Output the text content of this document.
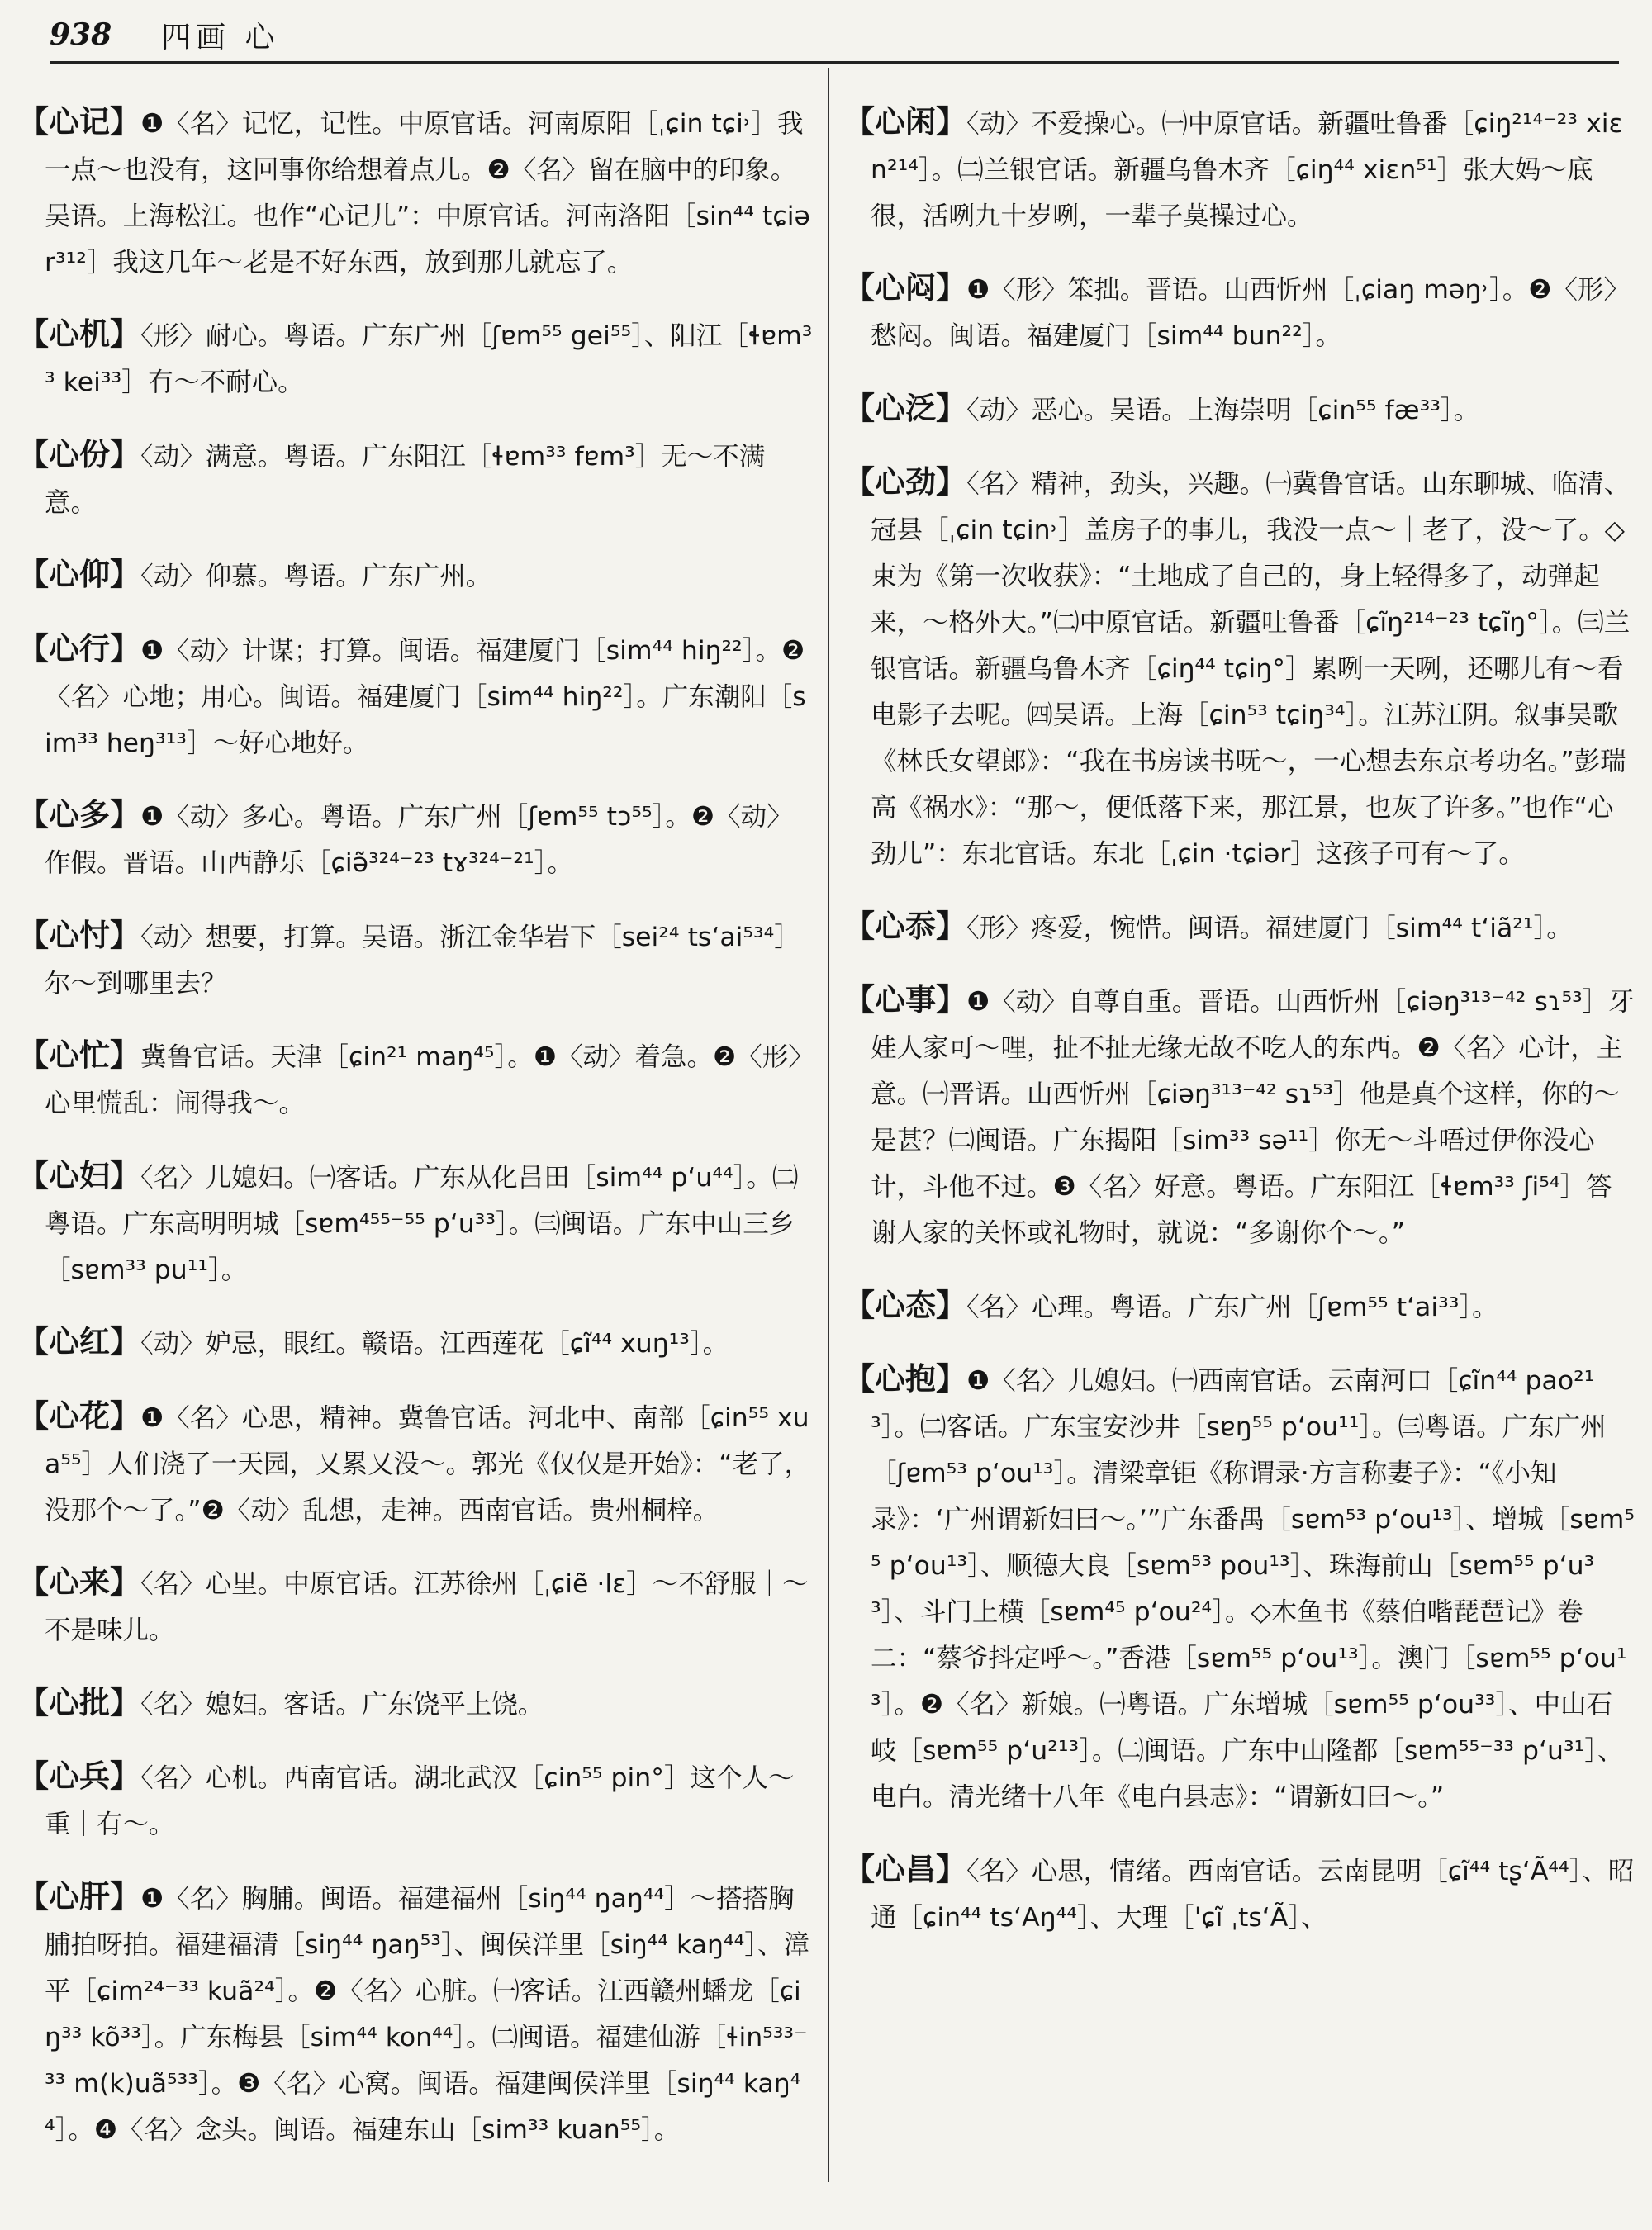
938 四画 心

【心记】❶〈名〉记忆，记性。中原官话。河南原阳［ˌɕin tɕi˒］我一点～也没有，这回事你给想着点儿。❷〈名〉留在脑中的印象。吴语。上海松江。也作“心记儿”：中原官话。河南洛阳［sin⁴⁴ tɕiər³¹²］我这几年～老是不好东西，放到那儿就忘了。

【心机】〈形〉耐心。粤语。广东广州［ʃɐm⁵⁵ gei⁵⁵］、阳江［ɬɐm³³ kei³³］冇～不耐心。

【心份】〈动〉满意。粤语。广东阳江［ɬɐm³³ fɐm³］无～不满意。

【心仰】〈动〉仰慕。粤语。广东广州。

【心行】❶〈动〉计谋；打算。闽语。福建厦门［sim⁴⁴ hiŋ²²］。❷〈名〉心地；用心。闽语。福建厦门［sim⁴⁴ hiŋ²²］。广东潮阳［sim³³ heŋ³¹³］～好心地好。

【心多】❶〈动〉多心。粤语。广东广州［ʃɐm⁵⁵ tɔ⁵⁵］。❷〈动〉作假。晋语。山西静乐［ɕiə̃³²⁴⁻²³ tɤ³²⁴⁻²¹］。

【心忖】〈动〉想要，打算。吴语。浙江金华岩下［sei²⁴ tsʻai⁵³⁴］尔～到哪里去？

【心忙】冀鲁官话。天津［ɕin²¹ maŋ⁴⁵］。❶〈动〉着急。❷〈形〉心里慌乱：闹得我～。

【心妇】〈名〉儿媳妇。㈠客话。广东从化吕田［sim⁴⁴ pʻu⁴⁴］。㈡粤语。广东高明明城［sɐm⁴⁵⁵⁻⁵⁵ pʻu³³］。㈢闽语。广东中山三乡［sɐm³³ pu¹¹］。

【心红】〈动〉妒忌，眼红。赣语。江西莲花［ɕĩ⁴⁴ xuŋ¹³］。

【心花】❶〈名〉心思，精神。冀鲁官话。河北中、南部［ɕin⁵⁵ xua⁵⁵］人们浇了一天园，又累又没～。郭光《仅仅是开始》：“老了，没那个～了。”❷〈动〉乱想，走神。西南官话。贵州桐梓。

【心来】〈名〉心里。中原官话。江苏徐州［ˌɕiẽ ·lɛ］～不舒服｜～不是味儿。

【心批】〈名〉媳妇。客话。广东饶平上饶。

【心兵】〈名〉心机。西南官话。湖北武汉［ɕin⁵⁵ pin°］这个人～重｜有～。

【心肝】❶〈名〉胸脯。闽语。福建福州［siŋ⁴⁴ ŋaŋ⁴⁴］～搭搭胸脯拍呀拍。福建福清［siŋ⁴⁴ ŋaŋ⁵³］、闽侯洋里［siŋ⁴⁴ kaŋ⁴⁴］、漳平［ɕim²⁴⁻³³ kuã²⁴］。❷〈名〉心脏。㈠客话。江西赣州蟠龙［ɕiŋ³³ kõ³³］。广东梅县［sim⁴⁴ kon⁴⁴］。㈡闽语。福建仙游［ɬin⁵³³⁻³³ m(k)uã⁵³³］。❸〈名〉心窝。闽语。福建闽侯洋里［siŋ⁴⁴ kaŋ⁴⁴］。❹〈名〉念头。闽语。福建东山［sim³³ kuan⁵⁵］。

【心闲】〈动〉不爱操心。㈠中原官话。新疆吐鲁番［ɕiŋ²¹⁴⁻²³ xiɛn²¹⁴］。㈡兰银官话。新疆乌鲁木齐［ɕiŋ⁴⁴ xiɛn⁵¹］张大妈～底很，活咧九十岁咧，一辈子莫操过心。

【心闷】❶〈形〉笨拙。晋语。山西忻州［ˌɕiaŋ məŋ˒］。❷〈形〉愁闷。闽语。福建厦门［sim⁴⁴ bun²²］。

【心泛】〈动〉恶心。吴语。上海崇明［ɕin⁵⁵ fæ³³］。

【心劲】〈名〉精神，劲头，兴趣。㈠冀鲁官话。山东聊城、临清、冠县［ˌɕin tɕin˒］盖房子的事儿，我没一点～｜老了，没～了。◇束为《第一次收获》：“土地成了自己的，身上轻得多了，动弹起来，～格外大。”㈡中原官话。新疆吐鲁番［ɕĩŋ²¹⁴⁻²³ tɕĩŋ°］。㈢兰银官话。新疆乌鲁木齐［ɕiŋ⁴⁴ tɕiŋ°］累咧一天咧，还哪儿有～看电影子去呢。㈣吴语。上海［ɕin⁵³ tɕiŋ³⁴］。江苏江阴。叙事吴歌《林氏女望郎》：“我在书房读书呒～，一心想去东京考功名。”彭瑞高《祸水》：“那～，便低落下来，那江景，也灰了许多。”也作“心劲儿”：东北官话。东北［ˌɕin ·tɕiər］这孩子可有～了。

【心忝】〈形〉疼爱，惋惜。闽语。福建厦门［sim⁴⁴ tʻiã²¹］。

【心事】❶〈动〉自尊自重。晋语。山西忻州［ɕiəŋ³¹³⁻⁴² sɿ⁵³］牙娃人家可～哩，扯不扯无缘无故不吃人的东西。❷〈名〉心计，主意。㈠晋语。山西忻州［ɕiəŋ³¹³⁻⁴² sɿ⁵³］他是真个这样，你的～是甚？㈡闽语。广东揭阳［sim³³ sə¹¹］你无～斗唔过伊你没心计，斗他不过。❸〈名〉好意。粤语。广东阳江［ɬɐm³³ ʃi⁵⁴］答谢人家的关怀或礼物时，就说：“多谢你个～。”

【心态】〈名〉心理。粤语。广东广州［ʃɐm⁵⁵ tʻai³³］。

【心抱】❶〈名〉儿媳妇。㈠西南官话。云南河口［ɕĩn⁴⁴ pao²¹³］。㈡客话。广东宝安沙井［sɐŋ⁵⁵ pʻou¹¹］。㈢粤语。广东广州［ʃɐm⁵³ pʻou¹³］。清梁章钜《称谓录·方言称妻子》：“《小知录》：‘广州谓新妇曰～。’”广东番禺［sɐm⁵³ pʻou¹³］、增城［sɐm⁵⁵ pʻou¹³］、顺德大良［sɐm⁵³ pou¹³］、珠海前山［sɐm⁵⁵ pʻu³³］、斗门上横［sɐm⁴⁵ pʻou²⁴］。◇木鱼书《蔡伯喈琵琶记》卷二：“蔡爷抖定呼～。”香港［sɐm⁵⁵ pʻou¹³］。澳门［sɐm⁵⁵ pʻou¹³］。❷〈名〉新娘。㈠粤语。广东增城［sɐm⁵⁵ pʻou³³］、中山石岐［sɐm⁵⁵ pʻu²¹³］。㈡闽语。广东中山隆都［sɐm⁵⁵⁻³³ pʻu³¹］、电白。清光绪十八年《电白县志》：“谓新妇曰～。”

【心昌】〈名〉心思，情绪。西南官话。云南昆明［ɕĩ⁴⁴ tʂʻÃ⁴⁴］、昭通［ɕin⁴⁴ tsʻAŋ⁴⁴］、大理［ˈɕĩ ˌtsʻÃ］、
